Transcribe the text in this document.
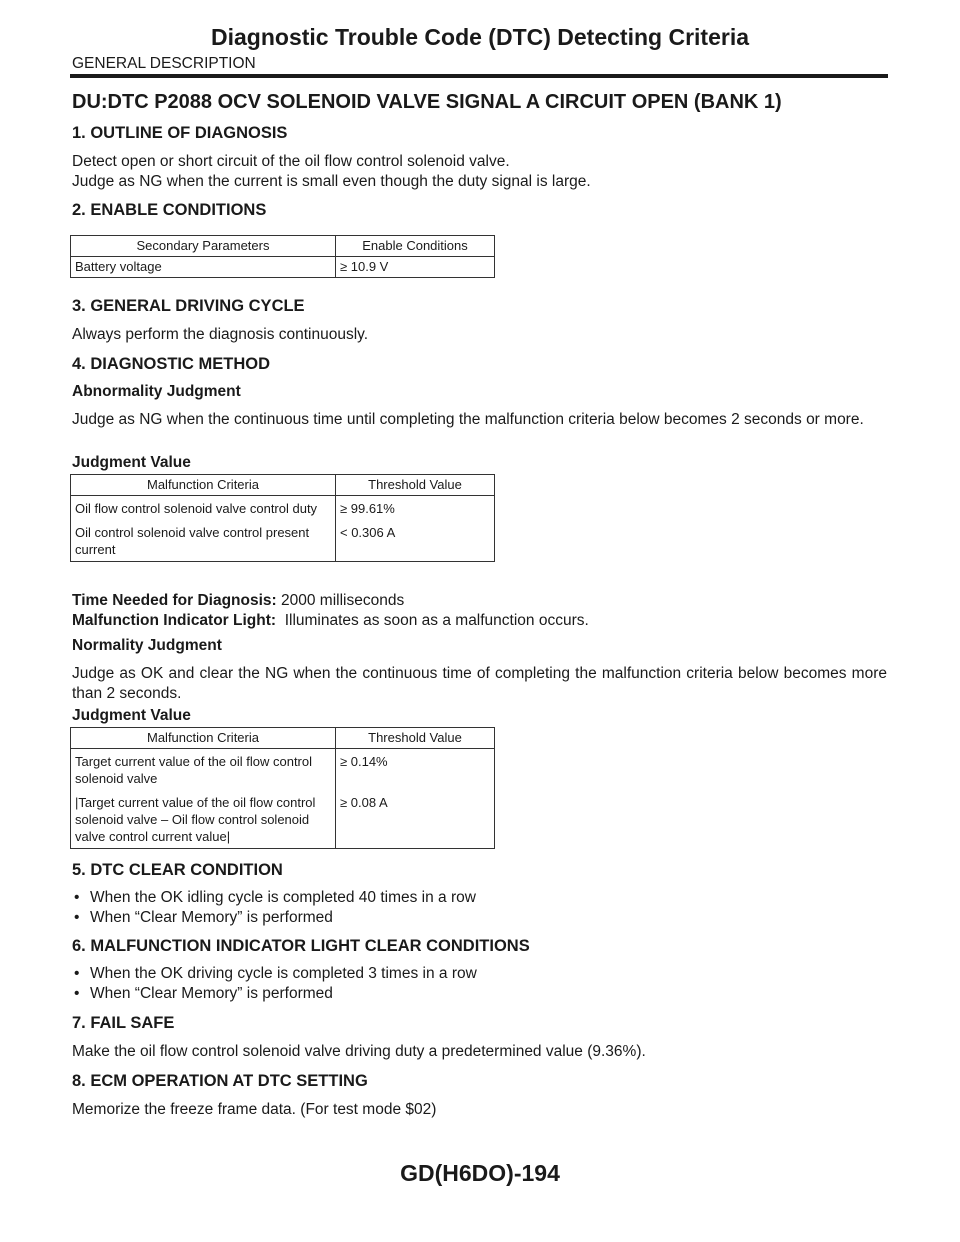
Diagnostic Trouble Code (DTC) Detecting Criteria
GENERAL DESCRIPTION
DU:DTC P2088 OCV SOLENOID VALVE SIGNAL A CIRCUIT OPEN (BANK 1)
1. OUTLINE OF DIAGNOSIS
Detect open or short circuit of the oil flow control solenoid valve.
Judge as NG when the current is small even though the duty signal is large.
2. ENABLE CONDITIONS
Secondary Parameters	Enable Conditions
Battery voltage	≥ 10.9 V
3. GENERAL DRIVING CYCLE
Always perform the diagnosis continuously.
4. DIAGNOSTIC METHOD
Abnormality Judgment
Judge as NG when the continuous time until completing the malfunction criteria below becomes 2 seconds or more.
Judgment Value
Malfunction Criteria	Threshold Value
Oil flow control solenoid valve control duty	≥ 99.61%
Oil control solenoid valve control present current	< 0.306 A
Time Needed for Diagnosis: 2000 milliseconds
Malfunction Indicator Light: Illuminates as soon as a malfunction occurs.
Normality Judgment
Judge as OK and clear the NG when the continuous time of completing the malfunction criteria below becomes more than 2 seconds.
Judgment Value
Malfunction Criteria	Threshold Value
Target current value of the oil flow control solenoid valve	≥ 0.14%
|Target current value of the oil flow control solenoid valve – Oil flow control solenoid valve control current value|	≥ 0.08 A
5. DTC CLEAR CONDITION
• When the OK idling cycle is completed 40 times in a row
• When “Clear Memory” is performed
6. MALFUNCTION INDICATOR LIGHT CLEAR CONDITIONS
• When the OK driving cycle is completed 3 times in a row
• When “Clear Memory” is performed
7. FAIL SAFE
Make the oil flow control solenoid valve driving duty a predetermined value (9.36%).
8. ECM OPERATION AT DTC SETTING
Memorize the freeze frame data. (For test mode $02)
GD(H6DO)-194
